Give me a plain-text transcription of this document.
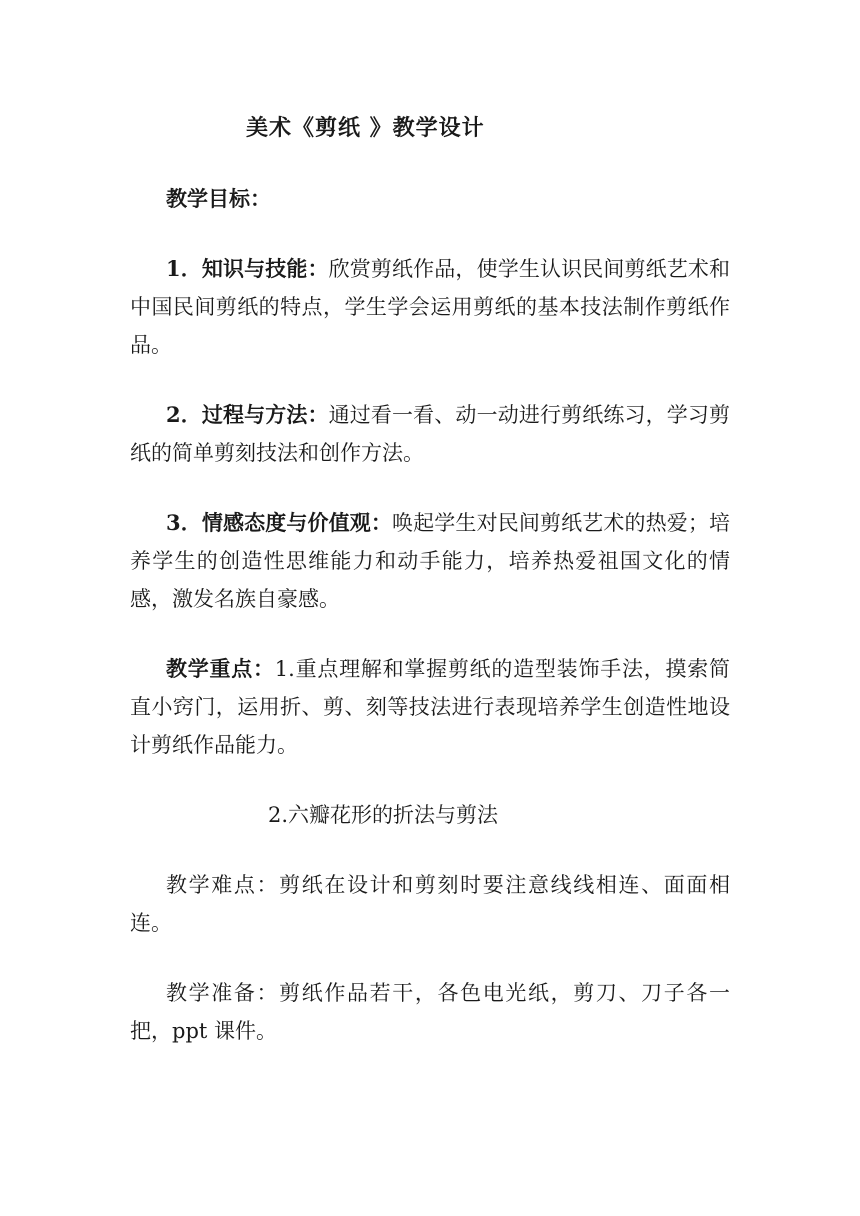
美术《剪纸 》教学设计

教学目标：

1．知识与技能：欣赏剪纸作品，使学生认识民间剪纸艺术和中国民间剪纸的特点，学生学会运用剪纸的基本技法制作剪纸作品。

2．过程与方法：通过看一看、动一动进行剪纸练习，学习剪纸的简单剪刻技法和创作方法。

3．情感态度与价值观：唤起学生对民间剪纸艺术的热爱；培养学生的创造性思维能力和动手能力，培养热爱祖国文化的情感，激发名族自豪感。

教学重点：1.重点理解和掌握剪纸的造型装饰手法，摸索简直小窍门，运用折、剪、刻等技法进行表现培养学生创造性地设计剪纸作品能力。

2.六瓣花形的折法与剪法

教学难点：剪纸在设计和剪刻时要注意线线相连、面面相连。

教学准备：剪纸作品若干，各色电光纸，剪刀、刀子各一把，ppt 课件。
